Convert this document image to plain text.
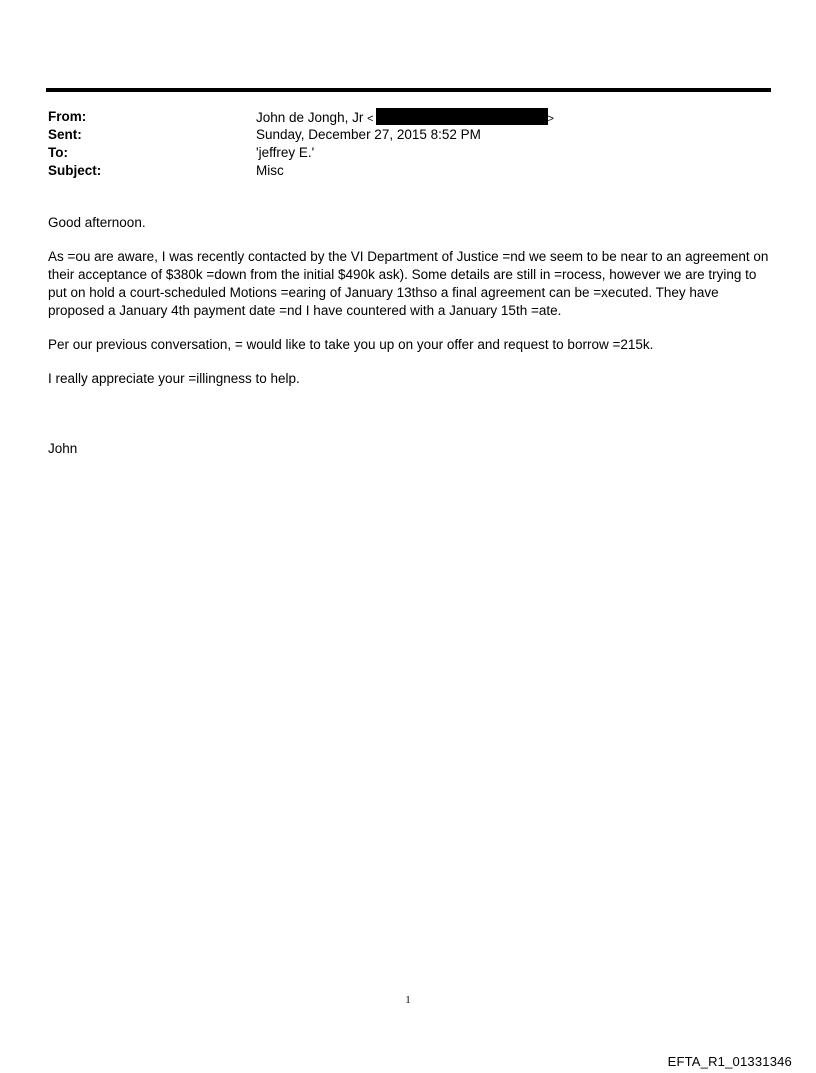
From:	John de Jongh, Jr <	>
Sent:	Sunday, December 27, 2015 8:52 PM
To:	'jeffrey E.'
Subject:	Misc

Good afternoon.

As =ou are aware, I was recently contacted by the VI Department of Justice =nd we seem to be near to an agreement on their acceptance of $380k =down from the initial $490k ask). Some details are still in =rocess, however we are trying to put on hold a court-scheduled Motions =earing of January 13thso a final agreement can be =xecuted. They have proposed a January 4th payment date =nd I have countered with a January 15th =ate.

Per our previous conversation, = would like to take you up on your offer and request to borrow =215k.

I really appreciate your =illingness to help.

John

1
EFTA_R1_01331346
